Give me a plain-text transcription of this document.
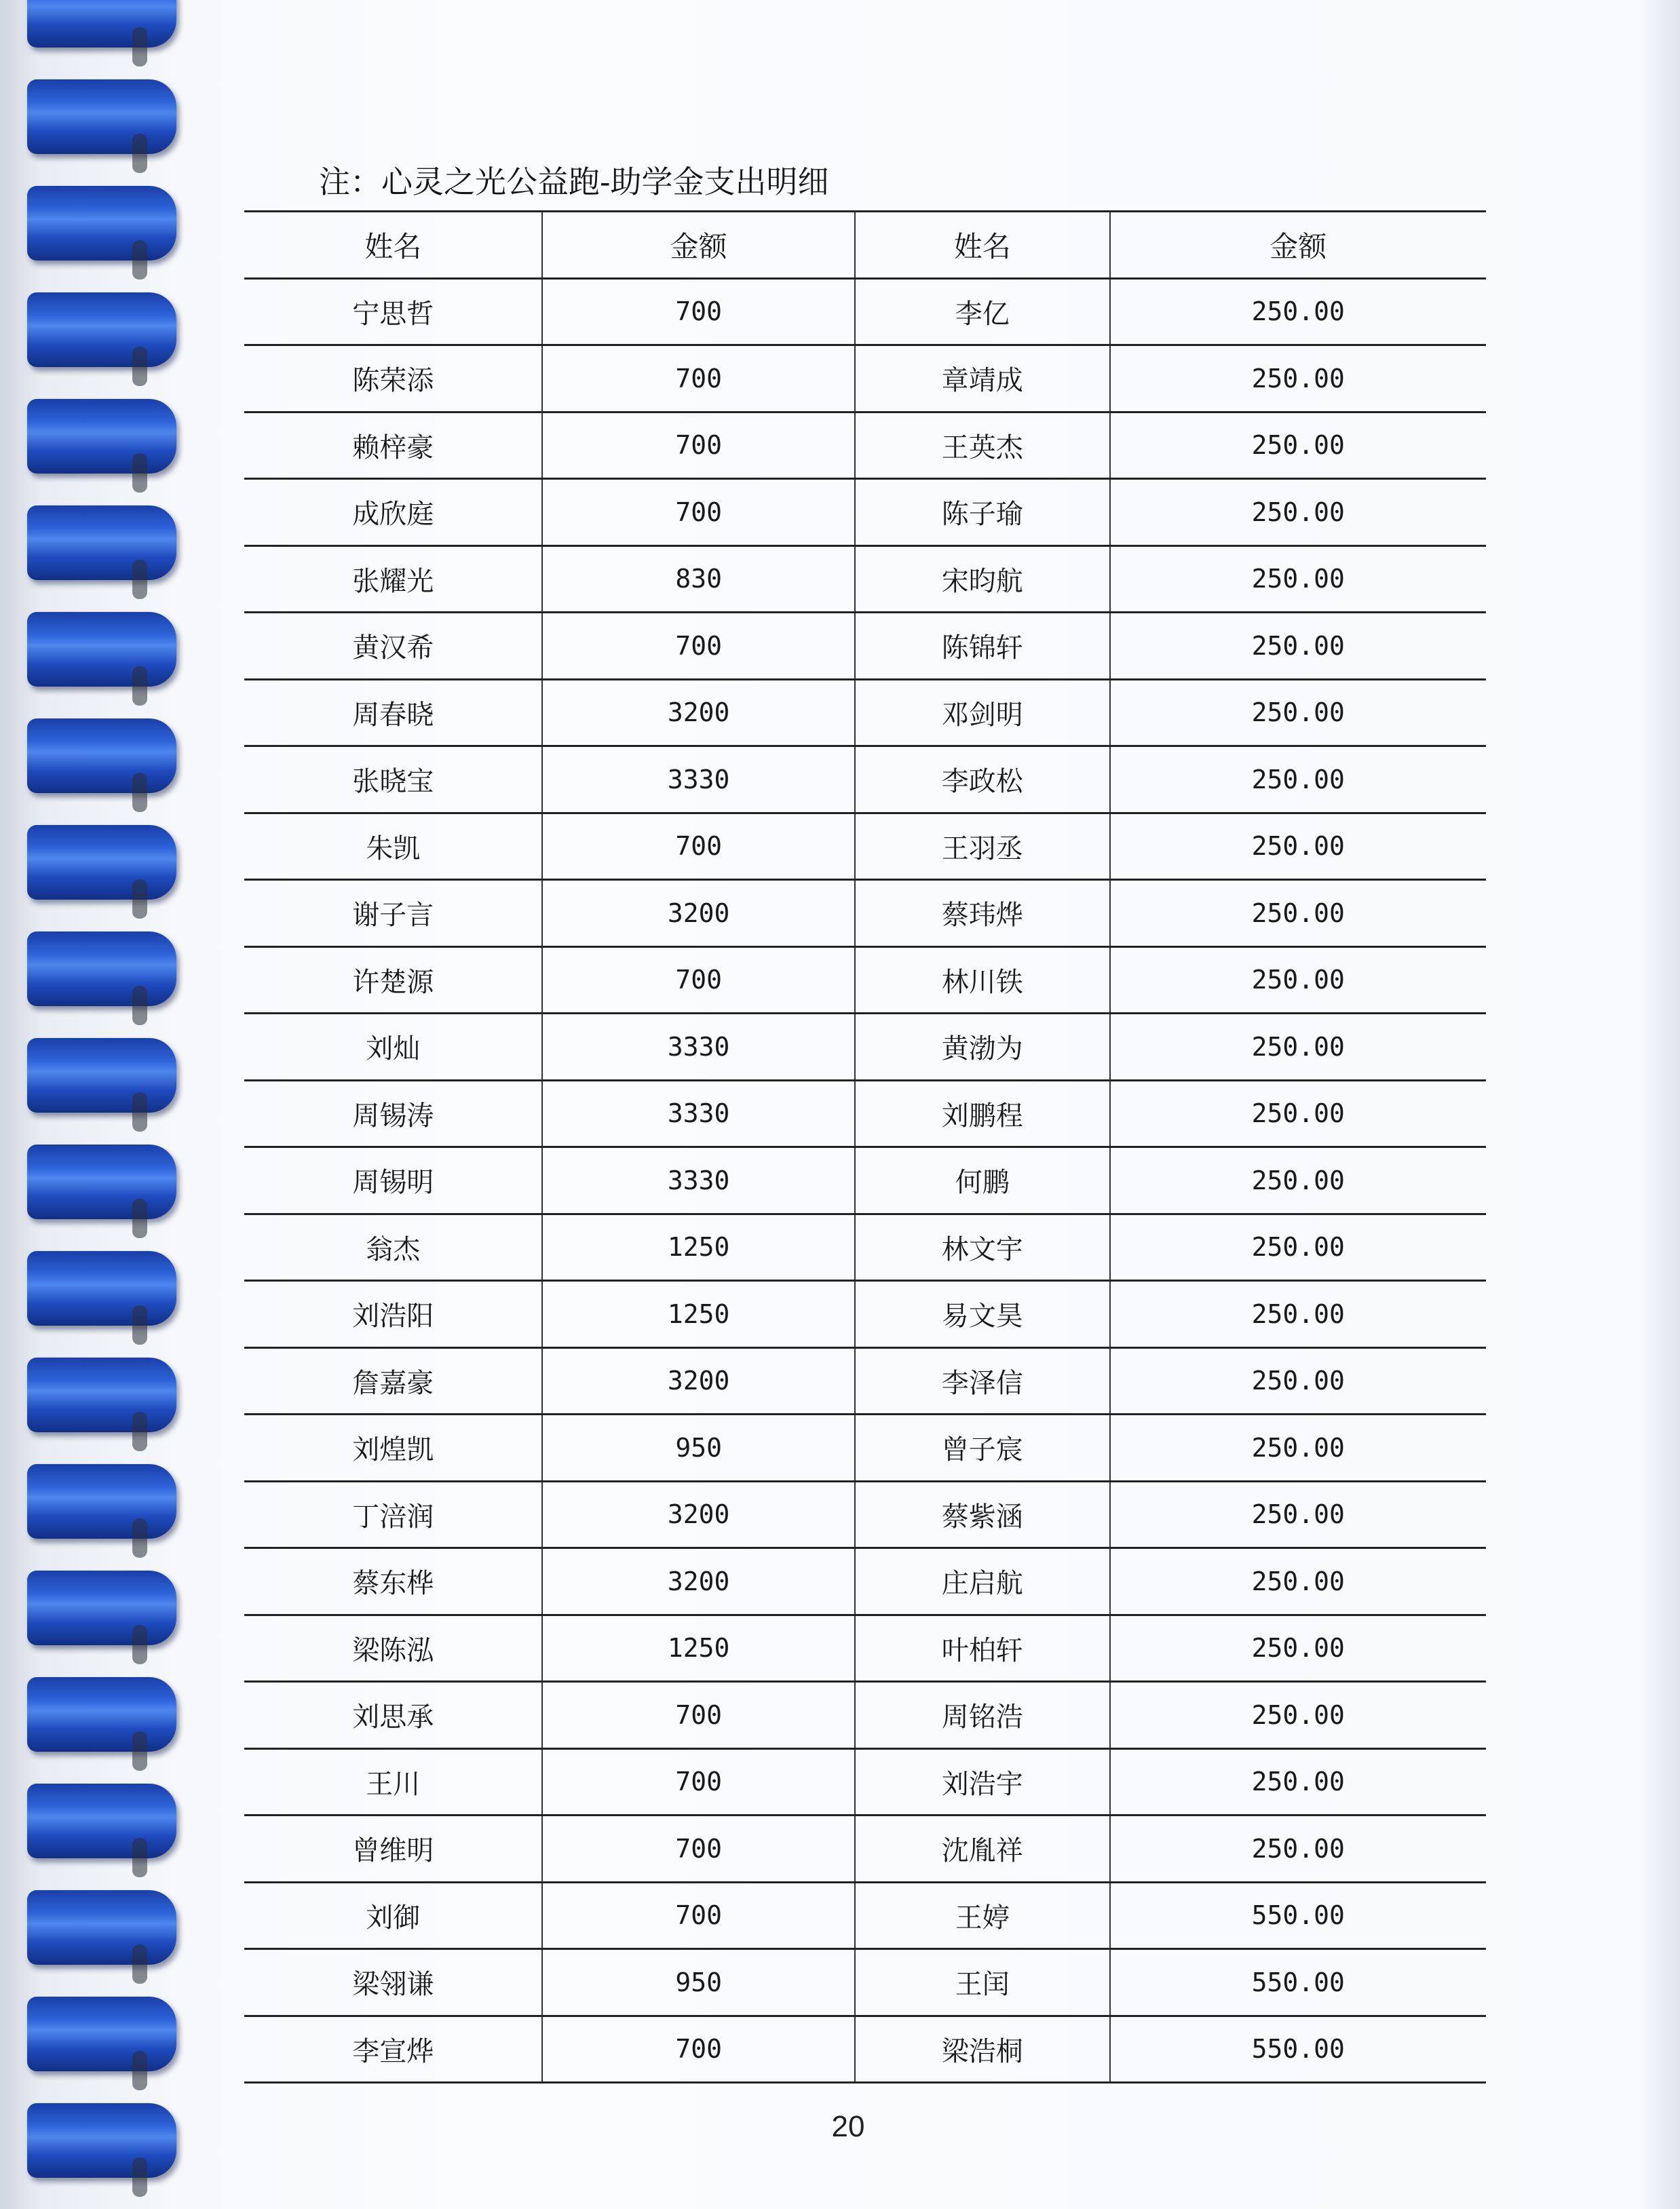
注：心灵之光公益跑-助学金支出明细
姓名	金额	姓名	金额
宁思哲	700	李亿	250.00
陈荣添	700	章靖成	250.00
赖梓豪	700	王英杰	250.00
成欣庭	700	陈子瑜	250.00
张耀光	830	宋昀航	250.00
黄汉希	700	陈锦轩	250.00
周春晓	3200	邓剑明	250.00
张晓宝	3330	李政松	250.00
朱凯	700	王羽丞	250.00
谢子言	3200	蔡玮烨	250.00
许楚源	700	林川铁	250.00
刘灿	3330	黄渤为	250.00
周锡涛	3330	刘鹏程	250.00
周锡明	3330	何鹏	250.00
翁杰	1250	林文宇	250.00
刘浩阳	1250	易文昊	250.00
詹嘉豪	3200	李泽信	250.00
刘煌凯	950	曾子宸	250.00
丁涪润	3200	蔡紫涵	250.00
蔡东桦	3200	庄启航	250.00
梁陈泓	1250	叶柏轩	250.00
刘思承	700	周铭浩	250.00
王川	700	刘浩宇	250.00
曾维明	700	沈胤祥	250.00
刘御	700	王婷	550.00
梁翎谦	950	王闰	550.00
李宣烨	700	梁浩桐	550.00
20
